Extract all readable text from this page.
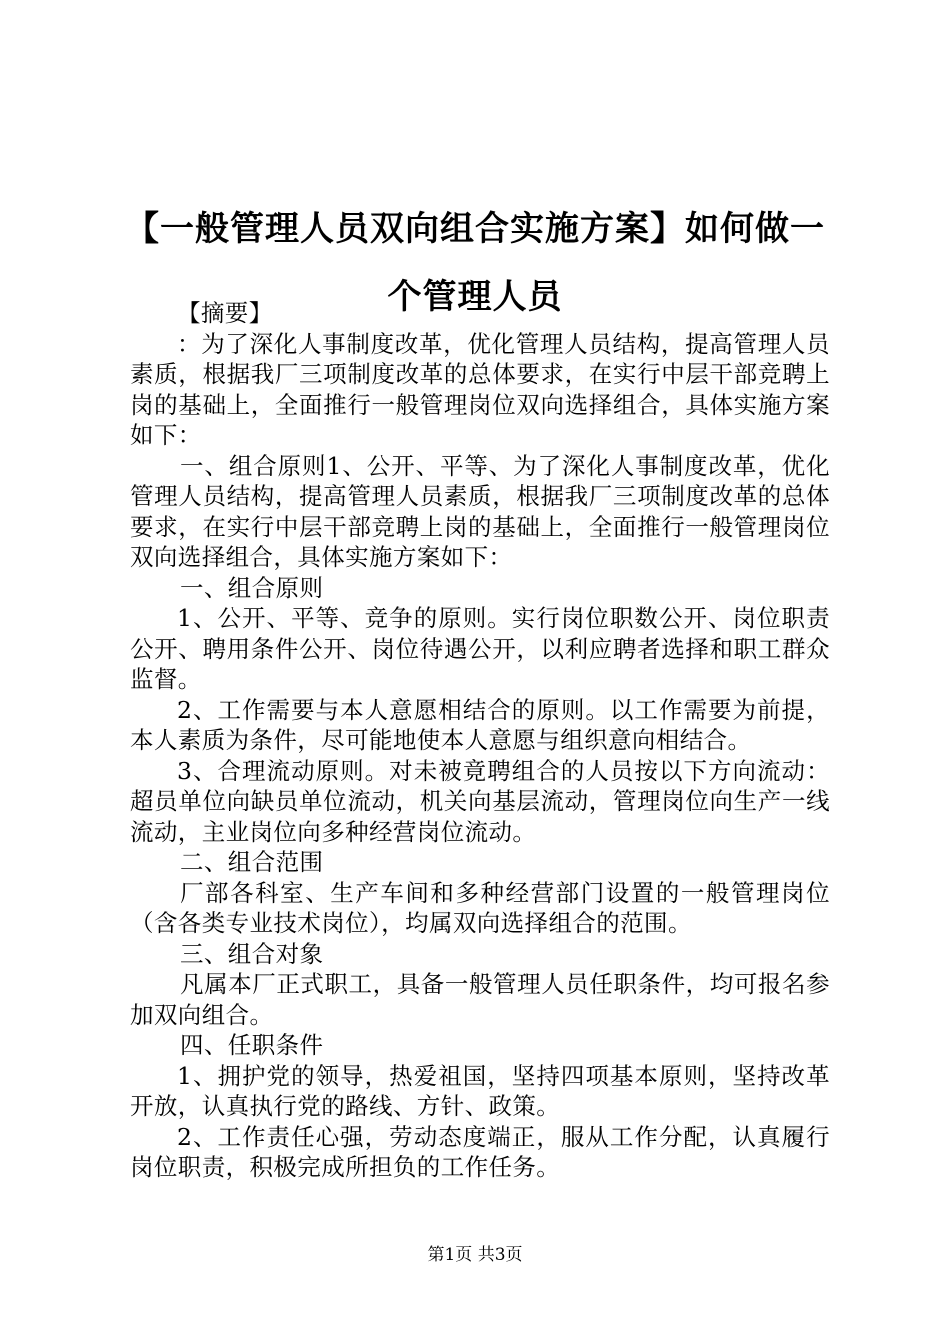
【一般管理人员双向组合实施方案】如何做一
个管理人员

【摘要】

：为了深化人事制度改革，优化管理人员结构，提高管理人员素质，根据我厂三项制度改革的总体要求，在实行中层干部竞聘上岗的基础上，全面推行一般管理岗位双向选择组合，具体实施方案如下：

一、组合原则1、公开、平等、为了深化人事制度改革，优化管理人员结构，提高管理人员素质，根据我厂三项制度改革的总体要求，在实行中层干部竞聘上岗的基础上，全面推行一般管理岗位双向选择组合，具体实施方案如下：

一、组合原则

1、公开、平等、竞争的原则。实行岗位职数公开、岗位职责公开、聘用条件公开、岗位待遇公开，以利应聘者选择和职工群众监督。

2、工作需要与本人意愿相结合的原则。以工作需要为前提，本人素质为条件，尽可能地使本人意愿与组织意向相结合。

3、合理流动原则。对未被竟聘组合的人员按以下方向流动：超员单位向缺员单位流动，机关向基层流动，管理岗位向生产一线流动，主业岗位向多种经营岗位流动。

二、组合范围

厂部各科室、生产车间和多种经营部门设置的一般管理岗位（含各类专业技术岗位），均属双向选择组合的范围。

三、组合对象

凡属本厂正式职工，具备一般管理人员任职条件，均可报名参加双向组合。

四、任职条件

1、拥护党的领导，热爱祖国，坚持四项基本原则，坚持改革开放，认真执行党的路线、方针、政策。

2、工作责任心强，劳动态度端正，服从工作分配，认真履行岗位职责，积极完成所担负的工作任务。

第1页 共3页
